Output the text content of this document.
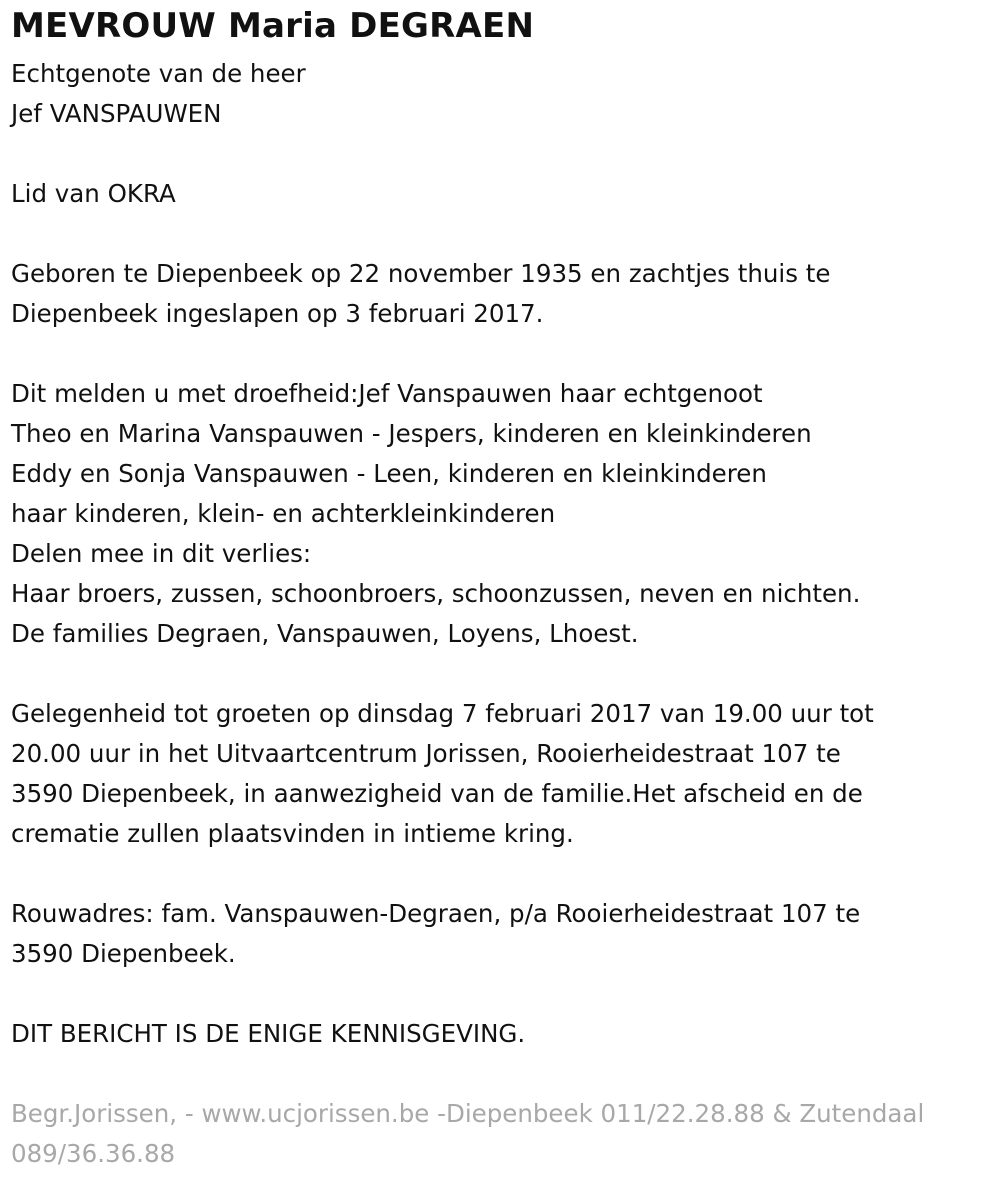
MEVROUW Maria DEGRAEN

Echtgenote van de heer

Jef VANSPAUWEN

Lid van OKRA

Geboren te Diepenbeek op 22 november 1935 en zachtjes thuis te

Diepenbeek ingeslapen op 3 februari 2017.

Dit melden u met droefheid:Jef Vanspauwen haar echtgenoot

Theo en Marina Vanspauwen - Jespers, kinderen en kleinkinderen

Eddy en Sonja Vanspauwen - Leen, kinderen en kleinkinderen

haar kinderen, klein- en achterkleinkinderen

Delen mee in dit verlies:

Haar broers, zussen, schoonbroers, schoonzussen, neven en nichten.

De families Degraen, Vanspauwen, Loyens, Lhoest.

Gelegenheid tot groeten op dinsdag 7 februari 2017 van 19.00 uur tot

20.00 uur in het Uitvaartcentrum Jorissen, Rooierheidestraat 107 te

3590 Diepenbeek, in aanwezigheid van de familie.Het afscheid en de

crematie zullen plaatsvinden in intieme kring.

Rouwadres: fam. Vanspauwen-Degraen, p/a Rooierheidestraat 107 te

3590 Diepenbeek.

DIT BERICHT IS DE ENIGE KENNISGEVING.

Begr.Jorissen, - www.ucjorissen.be -Diepenbeek 011/22.28.88 & Zutendaal

089/36.36.88
